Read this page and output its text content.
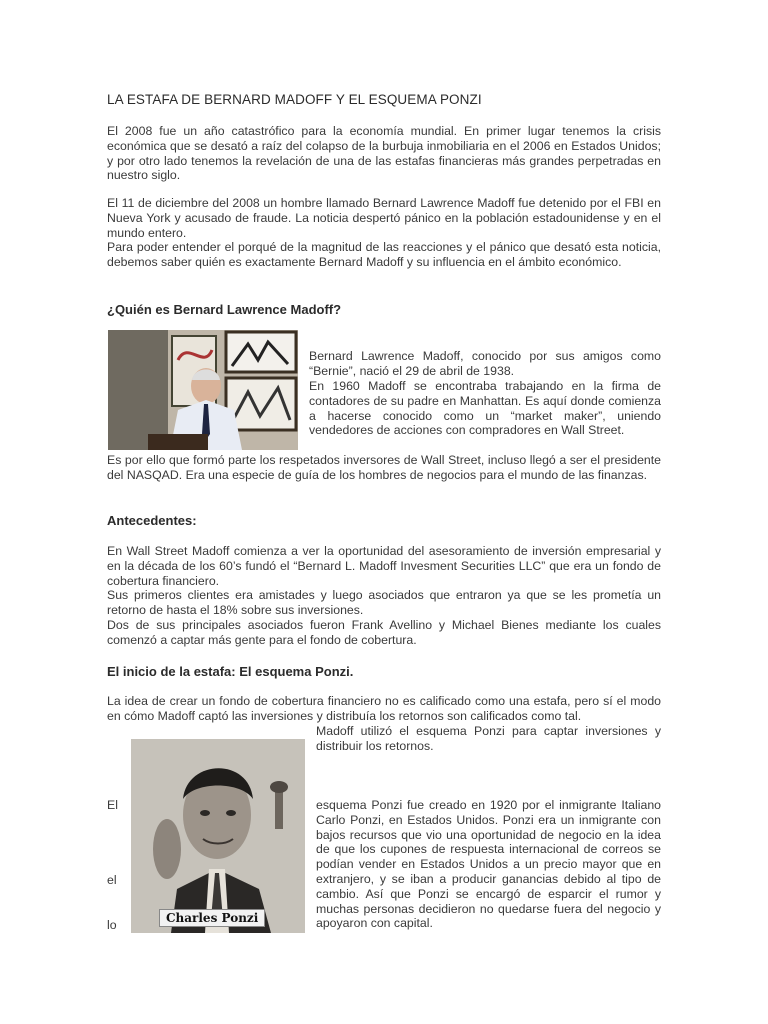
LA ESTAFA DE BERNARD MADOFF Y EL ESQUEMA PONZI

El 2008 fue un año catastrófico para la economía mundial. En primer lugar tenemos la crisis económica que se desató a raíz del colapso de la burbuja inmobiliaria en el 2006 en Estados Unidos; y por otro lado tenemos la revelación de una de las estafas financieras más grandes perpetradas en nuestro siglo.

El 11 de diciembre del 2008 un hombre llamado Bernard Lawrence Madoff fue detenido por el FBI en Nueva York y acusado de fraude. La noticia despertó pánico en la población estadounidense y en el mundo entero.

Para poder entender el porqué de la magnitud de las reacciones y el pánico que desató esta noticia, debemos saber quién es exactamente Bernard Madoff y su influencia en el ámbito económico.

¿Quién es Bernard Lawrence Madoff?

Es por ello que formó parte los respetados inversores de Wall Street, incluso llegó a ser el presidente del NASQAD. Era una especie de guía de los hombres de negocios para el mundo de las finanzas.

Antecedentes:

En Wall Street Madoff comienza a ver la oportunidad del asesoramiento de inversión empresarial y en la década de los 60’s fundó el “Bernard L. Madoff Invesment Securities LLC” que era un fondo de cobertura financiero.

Sus primeros clientes era amistades y luego asociados que entraron ya que se les prometía un retorno de hasta el 18% sobre sus inversiones.

Dos de sus principales asociados fueron Frank Avellino y Michael Bienes mediante los cuales comenzó a captar más gente para el fondo de cobertura.

El inicio de la estafa: El esquema Ponzi.

La idea de crear un fondo de cobertura financiero no es calificado como una estafa, pero sí el modo en cómo Madoff captó las inversiones y distribuía los retornos son calificados como tal.

Bernard Lawrence Madoff, conocido por sus amigos como “Bernie”, nació el 29 de abril de 1938.

En 1960 Madoff se encontraba trabajando en la firma de contadores de su padre en Manhattan. Es aquí donde comienza a hacerse conocido como un “market maker”, uniendo vendedores de acciones con compradores en Wall Street.

Charles Ponzi

Madoff utilizó el esquema Ponzi para captar inversiones y distribuir los retornos.

esquema Ponzi fue creado en 1920 por el inmigrante Italiano Carlo Ponzi, en Estados Unidos. Ponzi era un inmigrante con bajos recursos que vio una oportunidad de negocio en la idea de que los cupones de respuesta internacional de correos se podían vender en Estados Unidos a un precio mayor que en extranjero, y se iban a producir ganancias debido al tipo de cambio. Así que Ponzi se encargó de esparcir el rumor y muchas personas decidieron no quedarse fuera del negocio y apoyaron con capital.

El
el
lo
